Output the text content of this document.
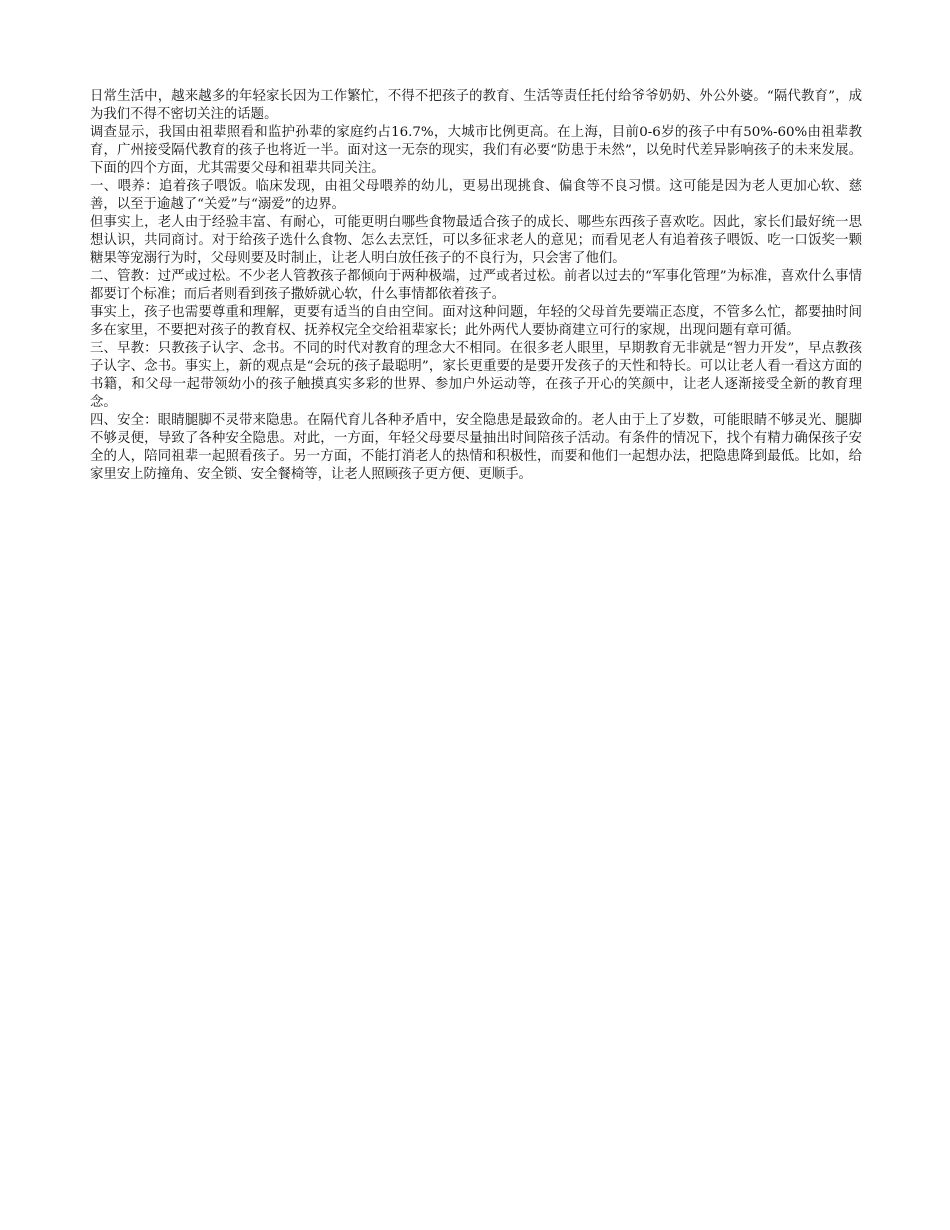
日常生活中，越来越多的年轻家长因为工作繁忙，不得不把孩子的教育、生活等责任托付给爷爷奶奶、外公外婆。“隔代教育”，成为我们不得不密切关注的话题。

调查显示，我国由祖辈照看和监护孙辈的家庭约占16.7%，大城市比例更高。在上海，目前0-6岁的孩子中有50%-60%由祖辈教育，广州接受隔代教育的孩子也将近一半。面对这一无奈的现实，我们有必要“防患于未然”，以免时代差异影响孩子的未来发展。下面的四个方面，尤其需要父母和祖辈共同关注。

一、喂养：追着孩子喂饭。临床发现，由祖父母喂养的幼儿，更易出现挑食、偏食等不良习惯。这可能是因为老人更加心软、慈善，以至于逾越了“关爱”与“溺爱”的边界。

但事实上，老人由于经验丰富、有耐心，可能更明白哪些食物最适合孩子的成长、哪些东西孩子喜欢吃。因此，家长们最好统一思想认识，共同商讨。对于给孩子选什么食物、怎么去烹饪，可以多征求老人的意见；而看见老人有追着孩子喂饭、吃一口饭奖一颗糖果等宠溺行为时，父母则要及时制止，让老人明白放任孩子的不良行为，只会害了他们。

二、管教：过严或过松。不少老人管教孩子都倾向于两种极端，过严或者过松。前者以过去的“军事化管理”为标准，喜欢什么事情都要订个标准；而后者则看到孩子撒娇就心软，什么事情都依着孩子。

事实上，孩子也需要尊重和理解，更要有适当的自由空间。面对这种问题，年轻的父母首先要端正态度，不管多么忙，都要抽时间多在家里，不要把对孩子的教育权、抚养权完全交给祖辈家长；此外两代人要协商建立可行的家规，出现问题有章可循。

三、早教：只教孩子认字、念书。不同的时代对教育的理念大不相同。在很多老人眼里，早期教育无非就是“智力开发”，早点教孩子认字、念书。事实上，新的观点是“会玩的孩子最聪明”，家长更重要的是要开发孩子的天性和特长。可以让老人看一看这方面的书籍，和父母一起带领幼小的孩子触摸真实多彩的世界、参加户外运动等，在孩子开心的笑颜中，让老人逐渐接受全新的教育理念。

四、安全：眼睛腿脚不灵带来隐患。在隔代育儿各种矛盾中，安全隐患是最致命的。老人由于上了岁数，可能眼睛不够灵光、腿脚不够灵便，导致了各种安全隐患。对此，一方面，年轻父母要尽量抽出时间陪孩子活动。有条件的情况下，找个有精力确保孩子安全的人，陪同祖辈一起照看孩子。另一方面，不能打消老人的热情和积极性，而要和他们一起想办法，把隐患降到最低。比如，给家里安上防撞角、安全锁、安全餐椅等，让老人照顾孩子更方便、更顺手。
